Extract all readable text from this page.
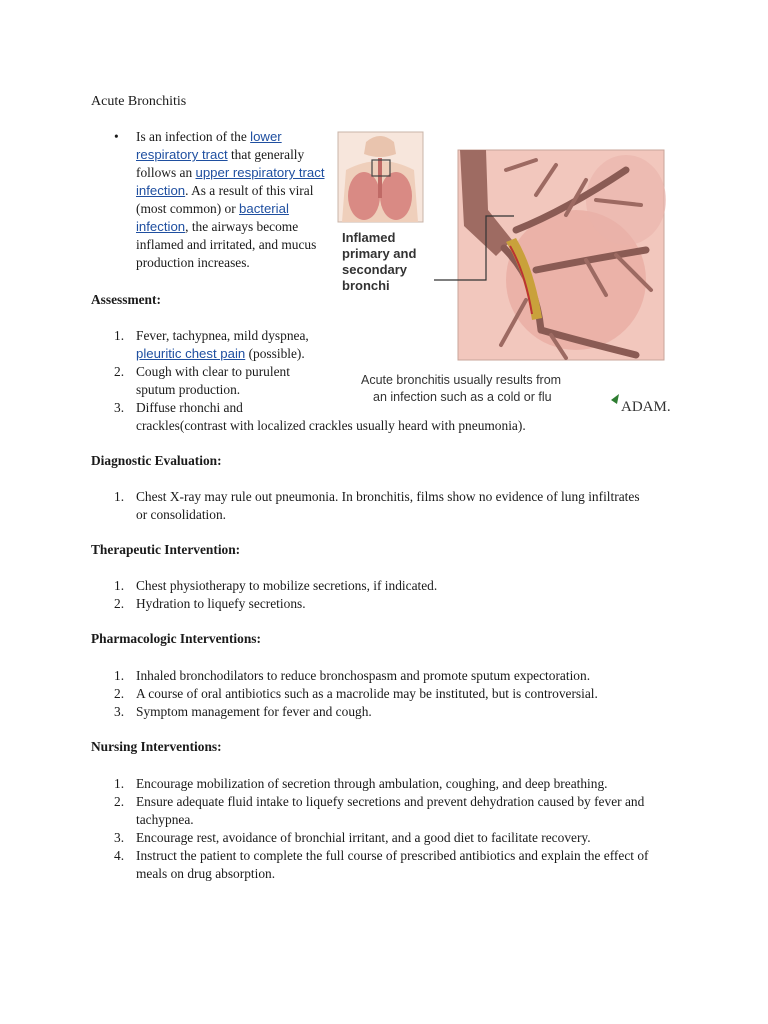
Acute Bronchitis
• Is an infection of the lower respiratory tract that generally follows an upper respiratory tract infection. As a result of this viral (most common) or bacterial infection, the airways become inflamed and irritated, and mucus production increases.
Inflamed
primary and
secondary
bronchi
Acute bronchitis usually results from
an infection such as a cold or flu
ADAM.
Assessment:
1. Fever, tachypnea, mild dyspnea,
pleuritic chest pain (possible).
2. Cough with clear to purulent
sputum production.
3. Diffuse rhonchi and
crackles(contrast with localized crackles usually heard with pneumonia).
Diagnostic Evaluation:
1. Chest X-ray may rule out pneumonia. In bronchitis, films show no evidence of lung infiltrates or consolidation.
Therapeutic Intervention:
1. Chest physiotherapy to mobilize secretions, if indicated.
2. Hydration to liquefy secretions.
Pharmacologic Interventions:
1. Inhaled bronchodilators to reduce bronchospasm and promote sputum expectoration.
2. A course of oral antibiotics such as a macrolide may be instituted, but is controversial.
3. Symptom management for fever and cough.
Nursing Interventions:
1. Encourage mobilization of secretion through ambulation, coughing, and deep breathing.
2. Ensure adequate fluid intake to liquefy secretions and prevent dehydration caused by fever and tachypnea.
3. Encourage rest, avoidance of bronchial irritant, and a good diet to facilitate recovery.
4. Instruct the patient to complete the full course of prescribed antibiotics and explain the effect of meals on drug absorption.
